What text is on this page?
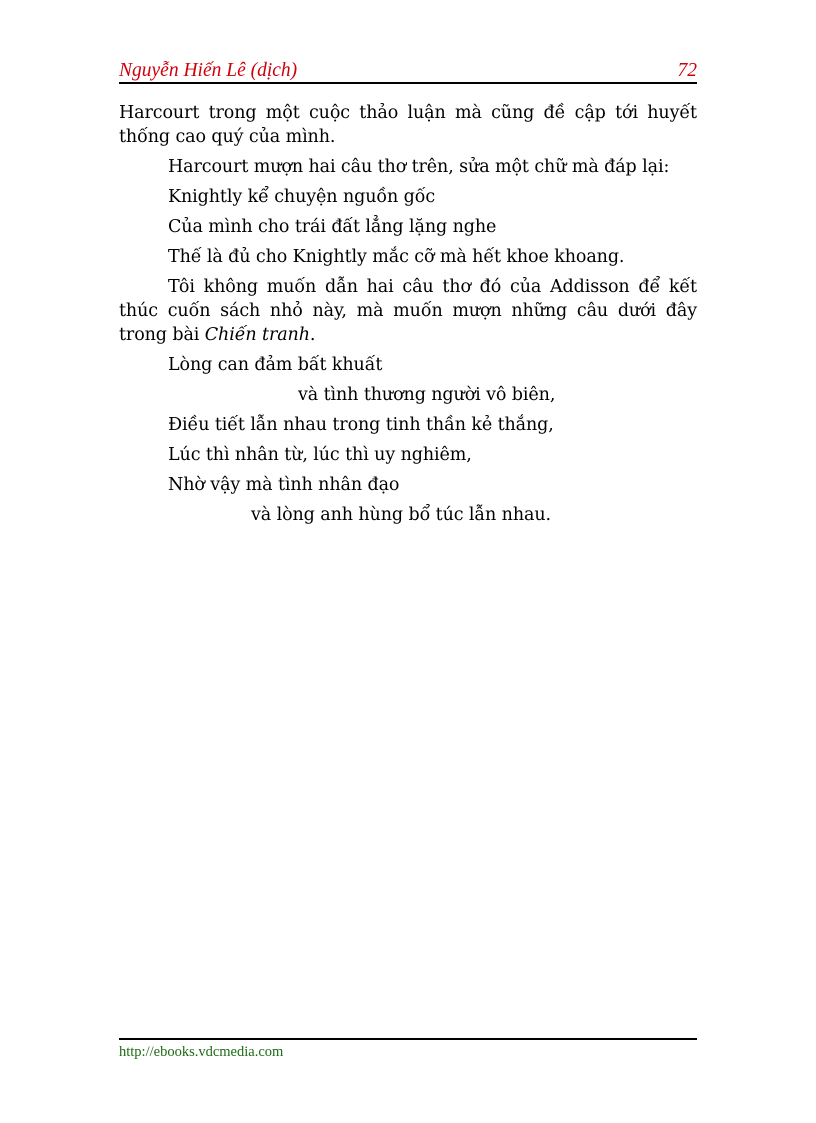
Nguyễn Hiến Lê (dịch)	72

Harcourt trong một cuộc thảo luận mà cũng đề cập tới huyết thống cao quý của mình.

Harcourt mượn hai câu thơ trên, sửa một chữ mà đáp lại:

Knightly kể chuyện nguồn gốc
Của mình cho trái đất lẳng lặng nghe
Thế là đủ cho Knightly mắc cỡ mà hết khoe khoang.

Tôi không muốn dẫn hai câu thơ đó của Addisson để kết thúc cuốn sách nhỏ này, mà muốn mượn những câu dưới đây trong bài Chiến tranh.

Lòng can đảm bất khuất
và tình thương người vô biên,
Điều tiết lẫn nhau trong tinh thần kẻ thắng,
Lúc thì nhân từ, lúc thì uy nghiêm,
Nhờ vậy mà tình nhân đạo
và lòng anh hùng bổ túc lẫn nhau.
http://ebooks.vdcmedia.com
